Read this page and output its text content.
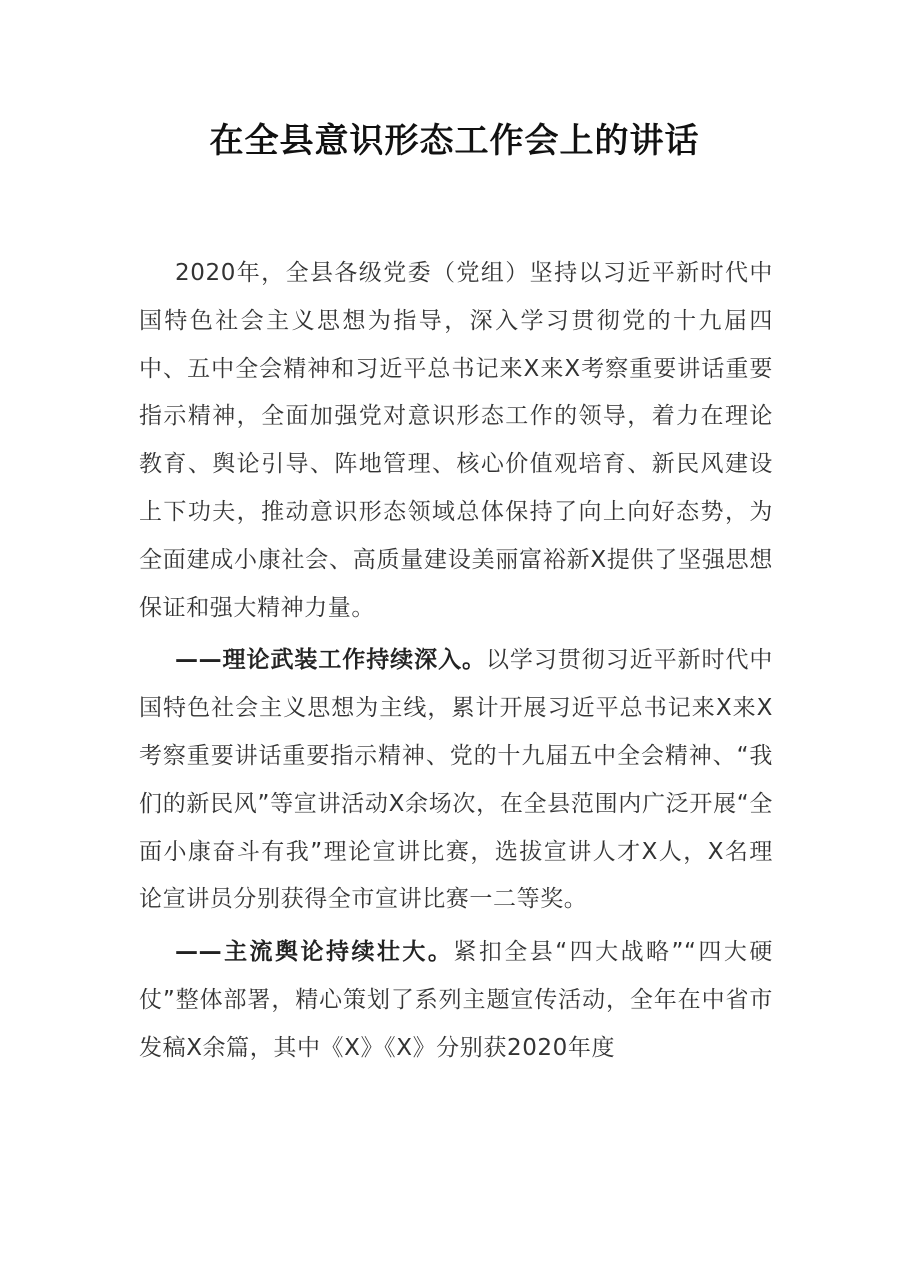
在全县意识形态工作会上的讲话

2020年，全县各级党委（党组）坚持以习近平新时代中国特色社会主义思想为指导，深入学习贯彻党的十九届四中、五中全会精神和习近平总书记来X来X考察重要讲话重要指示精神，全面加强党对意识形态工作的领导，着力在理论教育、舆论引导、阵地管理、核心价值观培育、新民风建设上下功夫，推动意识形态领域总体保持了向上向好态势，为全面建成小康社会、高质量建设美丽富裕新X提供了坚强思想保证和强大精神力量。

——理论武装工作持续深入。以学习贯彻习近平新时代中国特色社会主义思想为主线，累计开展习近平总书记来X来X考察重要讲话重要指示精神、党的十九届五中全会精神、“我们的新民风”等宣讲活动X余场次，在全县范围内广泛开展“全面小康奋斗有我”理论宣讲比赛，选拔宣讲人才X人，X名理论宣讲员分别获得全市宣讲比赛一二等奖。

——主流舆论持续壮大。紧扣全县“四大战略”“四大硬仗”整体部署，精心策划了系列主题宣传活动，全年在中省市发稿X余篇，其中《X》《X》分别获2020年度
